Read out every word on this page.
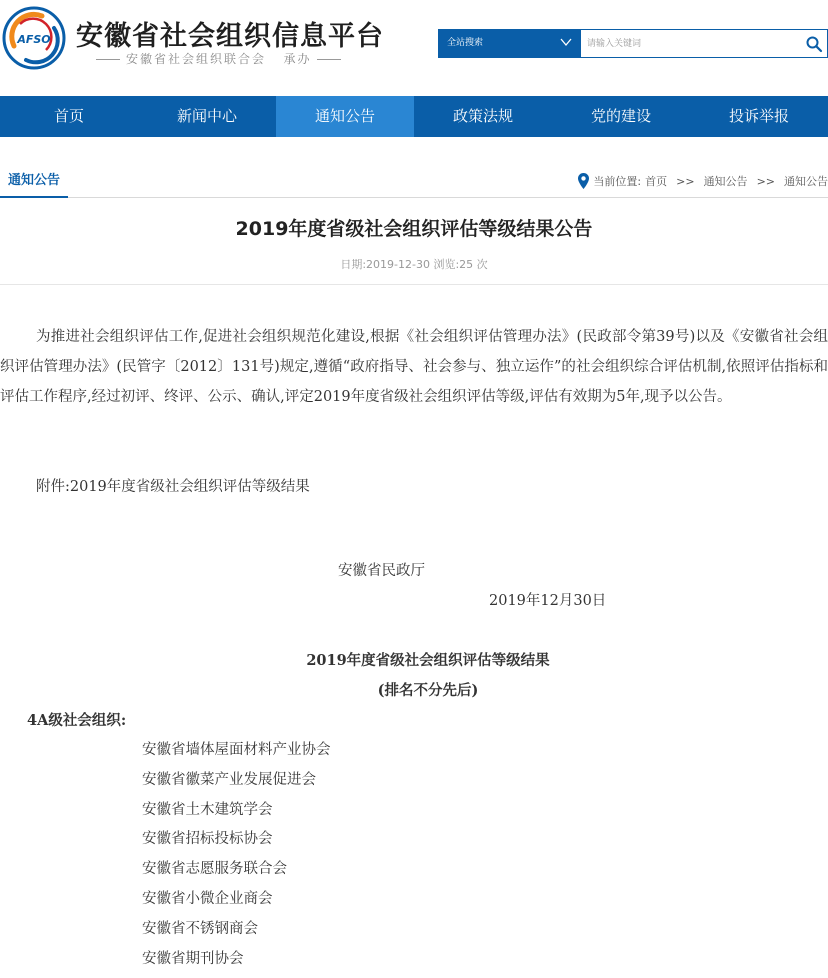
AFSO 安徽省社会组织信息平台
安徽省社会组织联合会 承办
全站搜索
请输入关键词
首页	新闻中心	通知公告	政策法规	党的建设	投诉举报
通知公告	当前位置: 首页 >> 通知公告 >> 通知公告
2019年度省级社会组织评估等级结果公告
日期:2019-12-30 浏览:25 次

为推进社会组织评估工作,促进社会组织规范化建设,根据《社会组织评估管理办法》(民政部令第39号)以及《安徽省社会组织评估管理办法》(民管字〔2012〕131号)规定,遵循“政府指导、社会参与、独立运作”的社会组织综合评估机制,依照评估指标和评估工作程序,经过初评、终评、公示、确认,评定2019年度省级社会组织评估等级,评估有效期为5年,现予以公告。

附件:2019年度省级社会组织评估等级结果

安徽省民政厅

2019年12月30日

2019年度省级社会组织评估等级结果

(排名不分先后)

4A级社会组织:

安徽省墙体屋面材料产业协会
安徽省徽菜产业发展促进会
安徽省土木建筑学会
安徽省招标投标协会
安徽省志愿服务联合会
安徽省小微企业商会
安徽省不锈钢商会
安徽省期刊协会
